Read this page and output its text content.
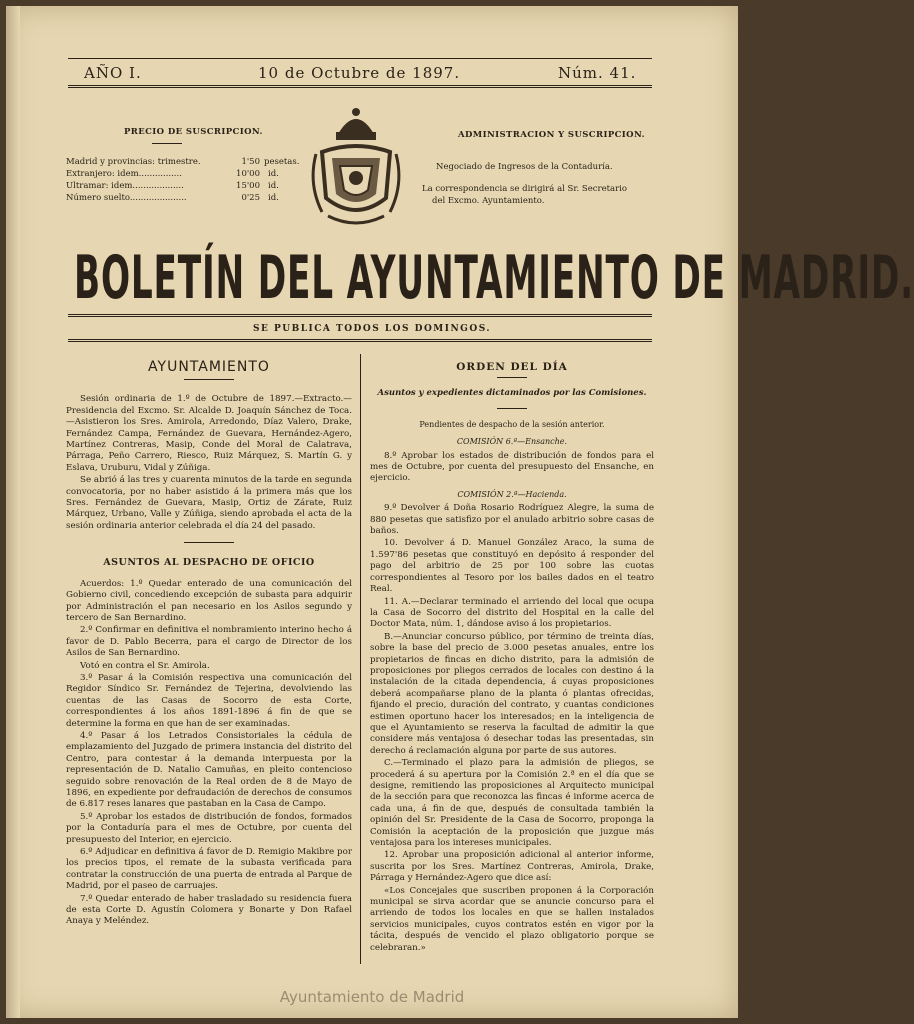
AÑO I.	10 de Octubre de 1897.	Núm. 41.
PRECIO DE SUSCRIPCION.
Madrid y provincias: trimestre.	1'50 pesetas.
Extranjero: idem................	10'00 id.
Ultramar: idem...................	15'00 id.
Número suelto.....................	0'25 id.
ADMINISTRACION Y SUSCRIPCION.
Negociado de Ingresos de la Contaduría.
La correspondencia se dirigirá al Sr. Secretario
del Excmo. Ayuntamiento.
BOLETÍN DEL AYUNTAMIENTO DE MADRID.
SE PUBLICA TODOS LOS DOMINGOS.
AYUNTAMIENTO

Sesión ordinaria de 1.º de Octubre de 1897.—Extracto.—Presidencia del Excmo. Sr. Alcalde D. Joaquín Sánchez de Toca.—Asistieron los Sres. Amirola, Arredondo, Díaz Valero, Drake, Fernández Campa, Fernández de Guevara, Hernández-Agero, Martínez Contreras, Masip, Conde del Moral de Calatrava, Párraga, Peño Carrero, Riesco, Ruiz Márquez, S. Martín G. y Eslava, Uruburu, Vidal y Zúñiga.

Se abrió á las tres y cuarenta minutos de la tarde en segunda convocatoria, por no haber asistido á la primera más que los Sres. Fernández de Guevara, Masip, Ortiz de Zárate, Ruiz Márquez, Urbano, Valle y Zúñiga, siendo aprobada el acta de la sesión ordinaria anterior celebrada el día 24 del pasado.

ASUNTOS AL DESPACHO DE OFICIO

Acuerdos: 1.º Quedar enterado de una comunicación del Gobierno civil, concediendo excepción de subasta para adquirir por Administración el pan necesario en los Asilos segundo y tercero de San Bernardino.

2.º Confirmar en definitiva el nombramiento interino hecho á favor de D. Pablo Becerra, para el cargo de Director de los Asilos de San Bernardino.

Votó en contra el Sr. Amirola.

3.º Pasar á la Comisión respectiva una comunicación del Regidor Síndico Sr. Fernández de Tejerina, devolviendo las cuentas de las Casas de Socorro de esta Corte, correspondientes á los años 1891-1896 á fin de que se determine la forma en que han de ser examinadas.

4.º Pasar á los Letrados Consistoriales la cédula de emplazamiento del Juzgado de primera instancia del distrito del Centro, para contestar á la demanda interpuesta por la representación de D. Natalio Camuñas, en pleito contencioso seguido sobre renovación de la Real orden de 8 de Mayo de 1896, en expediente por defraudación de derechos de consumos de 6.817 reses lanares que pastaban en la Casa de Campo.

5.º Aprobar los estados de distribución de fondos, formados por la Contaduría para el mes de Octubre, por cuenta del presupuesto del Interior, en ejercicio.

6.º Adjudicar en definitiva á favor de D. Remigio Makibre por los precios tipos, el remate de la subasta verificada para contratar la construcción de una puerta de entrada al Parque de Madrid, por el paseo de carruajes.

7.º Quedar enterado de haber trasladado su residencia fuera de esta Corte D. Agustín Colomera y Bonarte y Don Rafael Anaya y Meléndez.

ORDEN DEL DÍA
Asuntos y expedientes dictaminados por las Comisiones.
Pendientes de despacho de la sesión anterior.
COMISIÓN 6.ª—Ensanche.

8.º Aprobar los estados de distribución de fondos para el mes de Octubre, por cuenta del presupuesto del Ensanche, en ejercicio.

COMISIÓN 2.ª—Hacienda.

9.º Devolver á Doña Rosario Rodríguez Alegre, la suma de 880 pesetas que satisfizo por el anulado arbitrio sobre casas de baños.

10. Devolver á D. Manuel González Araco, la suma de 1.597'86 pesetas que constituyó en depósito á responder del pago del arbitrio de 25 por 100 sobre las cuotas correspondientes al Tesoro por los bailes dados en el teatro Real.

11. A.—Declarar terminado el arriendo del local que ocupa la Casa de Socorro del distrito del Hospital en la calle del Doctor Mata, núm. 1, dándose aviso á los propietarios.

B.—Anunciar concurso público, por término de treinta días, sobre la base del precio de 3.000 pesetas anuales, entre los propietarios de fincas en dicho distrito, para la admisión de proposiciones por pliegos cerrados de locales con destino á la instalación de la citada dependencia, á cuyas proposiciones deberá acompañarse plano de la planta ó plantas ofrecidas, fijando el precio, duración del contrato, y cuantas condiciones estimen oportuno hacer los interesados; en la inteligencia de que el Ayuntamiento se reserva la facultad de admitir la que considere más ventajosa ó desechar todas las presentadas, sin derecho á reclamación alguna por parte de sus autores.

C.—Terminado el plazo para la admisión de pliegos, se procederá á su apertura por la Comisión 2.ª en el día que se designe, remitiendo las proposiciones al Arquitecto municipal de la sección para que reconozca las fincas é informe acerca de cada una, á fin de que, después de consultada también la opinión del Sr. Presidente de la Casa de Socorro, proponga la Comisión la aceptación de la proposición que juzgue más ventajosa para los intereses municipales.

12. Aprobar una proposición adicional al anterior informe, suscrita por los Sres. Martínez Contreras, Amirola, Drake, Párraga y Hernández-Agero que dice así:

«Los Concejales que suscriben proponen á la Corporación municipal se sirva acordar que se anuncie concurso para el arriendo de todos los locales en que se hallen instalados servicios municipales, cuyos contratos estén en vigor por la tácita, después de vencido el plazo obligatorio porque se celebraran.»

Ayuntamiento de Madrid
